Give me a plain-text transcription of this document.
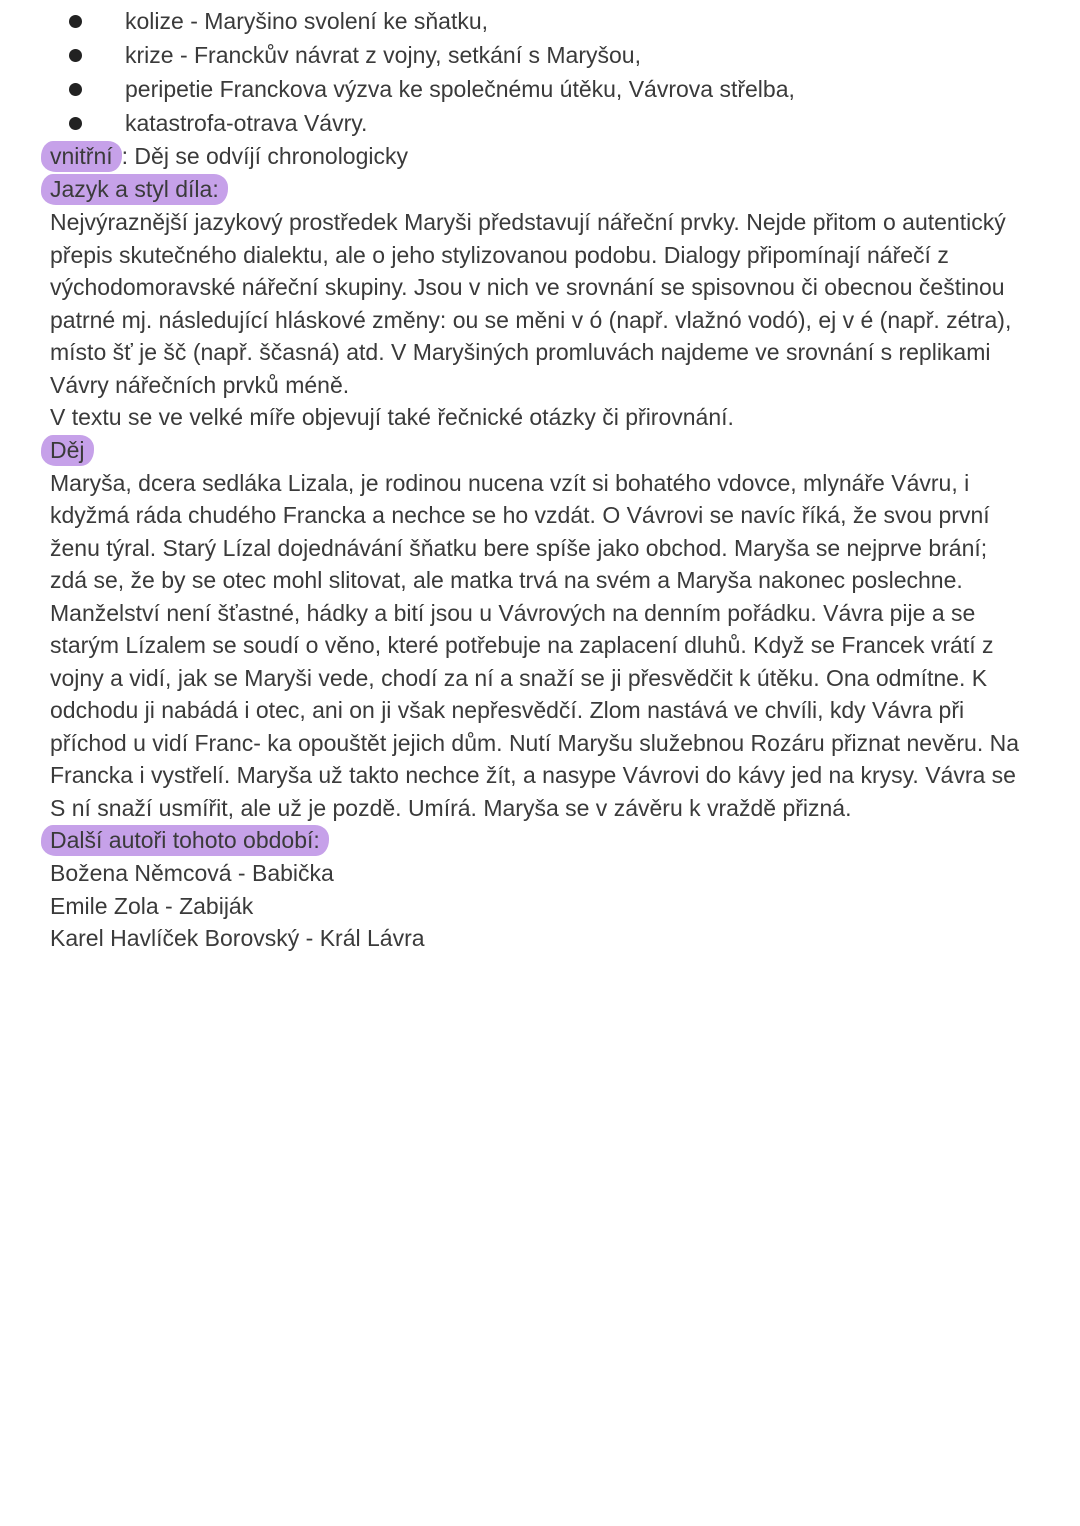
kolize - Maryšino svolení ke sňatku,
krize - Franckův návrat z vojny, setkání s Maryšou,
peripetie Franckova výzva ke společnému útěku, Vávrova střelba,
katastrofa-otrava Vávry.

vnitřní : Děj se odvíjí chronologicky

Jazyk a styl díla:

Nejvýraznější jazykový prostředek Maryši představují nářeční prvky. Nejde přitom o autentický přepis skutečného dialektu, ale o jeho stylizovanou podobu. Dialogy připomínají nářečí z východomoravské nářeční skupiny. Jsou v nich ve srovnání se spisovnou či obecnou češtinou patrné mj. následující hláskové změny: ou se měni v ó (např. vlažnó vodó), ej v é (např. zétra), místo šť je šč (např. ščasná) atd. V Maryšiných promluvách najdeme ve srovnání s replikami Vávry nářečních prvků méně.

V textu se ve velké míře objevují také řečnické otázky či přirovnání.

Děj

Maryša, dcera sedláka Lizala, je rodinou nucena vzít si bohatého vdovce, mlynáře Vávru, i kdyžmá ráda chudého Francka a nechce se ho vzdát. O Vávrovi se navíc říká, že svou první ženu týral. Starý Lízal dojednávání šňatku bere spíše jako obchod. Maryša se nejprve brání; zdá se, že by se otec mohl slitovat, ale matka trvá na svém a Maryša nakonec poslechne. Manželství není šťastné, hádky a bití jsou u Vávrových na denním pořádku. Vávra pije a se starým Lízalem se soudí o věno, které potřebuje na zaplacení dluhů. Když se Francek vrátí z vojny a vidí, jak se Maryši vede, chodí za ní a snaží se ji přesvědčit k útěku. Ona odmítne. K odchodu ji nabádá i otec, ani on ji však nepřesvědčí. Zlom nastává ve chvíli, kdy Vávra při příchod u vidí Franc- ka opouštět jejich dům. Nutí Maryšu služebnou Rozáru přiznat nevěru. Na Francka i vystřelí. Maryša už takto nechce žít, a nasype Vávrovi do kávy jed na krysy. Vávra se S ní snaží usmířit, ale už je pozdě. Umírá. Maryša se v závěru k vraždě přizná.

Další autoři tohoto období:

Božena Němcová - Babička

Emile Zola - Zabiják

Karel Havlíček Borovský - Král Lávra
